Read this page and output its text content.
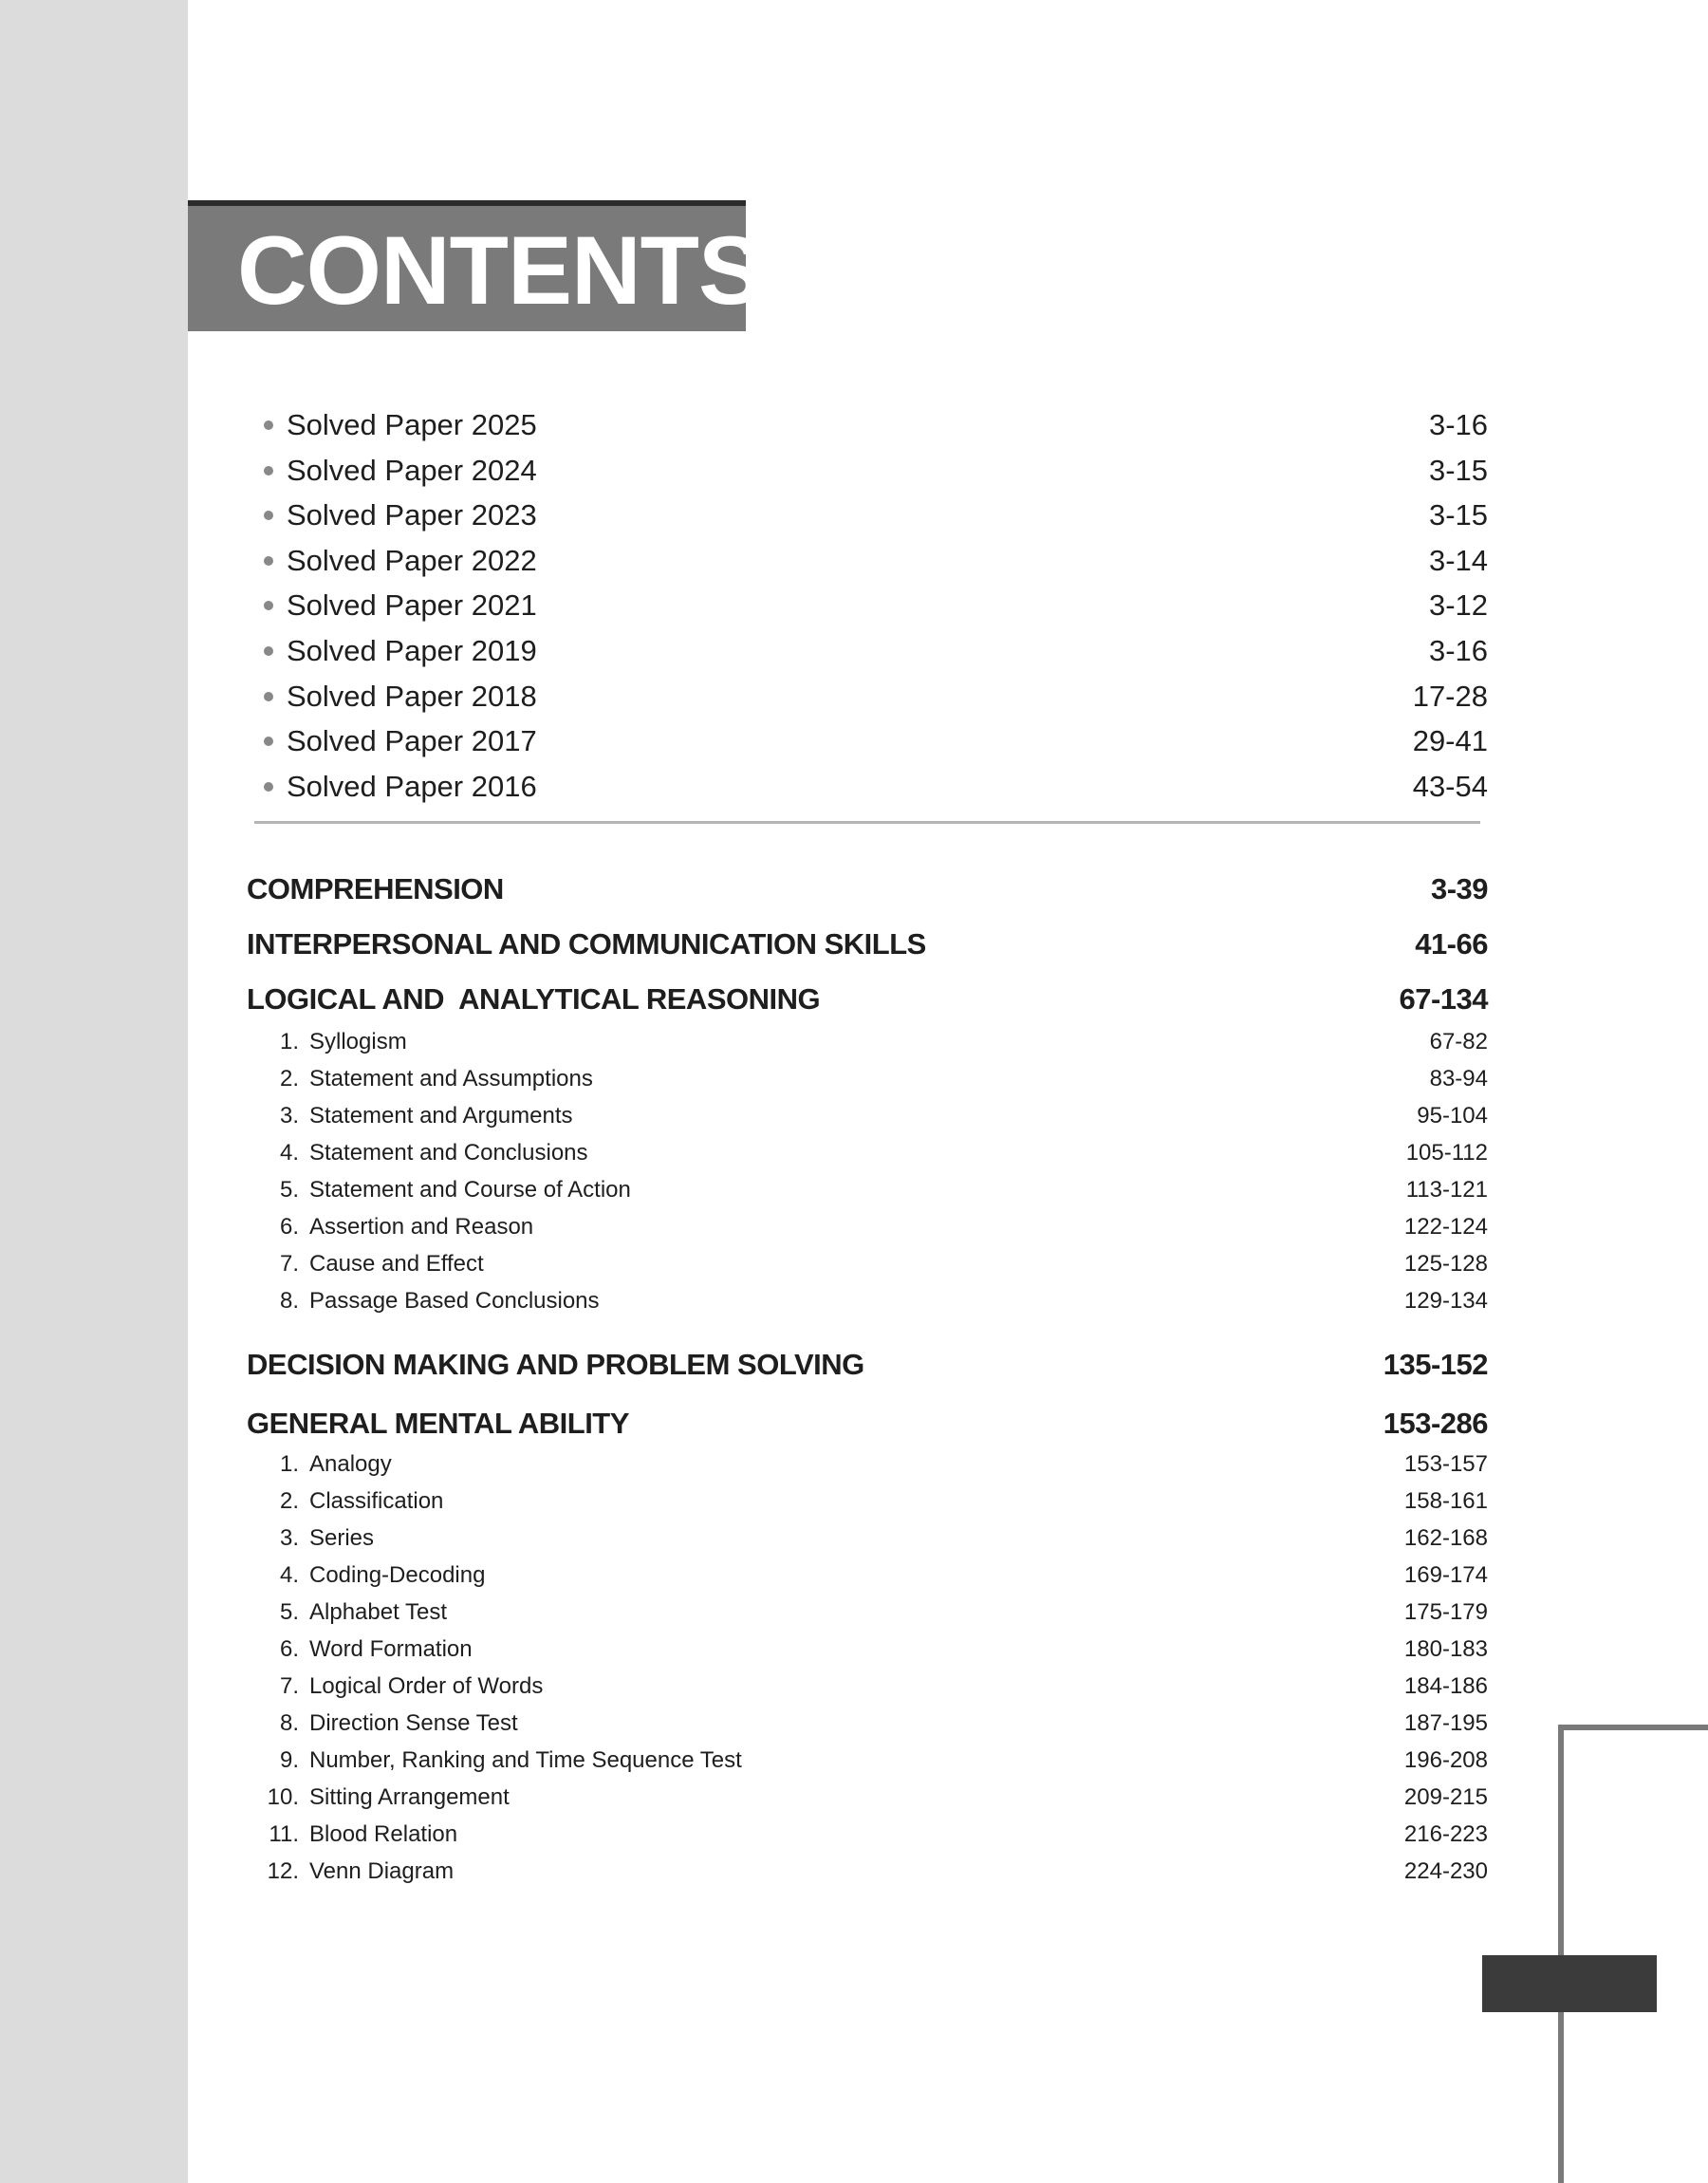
CONTENTS
Solved Paper 2025	3-16
Solved Paper 2024	3-15
Solved Paper 2023	3-15
Solved Paper 2022	3-14
Solved Paper 2021	3-12
Solved Paper 2019	3-16
Solved Paper 2018	17-28
Solved Paper 2017	29-41
Solved Paper 2016	43-54
COMPREHENSION	3-39
INTERPERSONAL AND COMMUNICATION SKILLS	41-66
LOGICAL AND  ANALYTICAL REASONING	67-134
1. Syllogism	67-82
2. Statement and Assumptions	83-94
3. Statement and Arguments	95-104
4. Statement and Conclusions	105-112
5. Statement and Course of Action	113-121
6. Assertion and Reason	122-124
7. Cause and Effect	125-128
8. Passage Based Conclusions	129-134
DECISION MAKING AND PROBLEM SOLVING	135-152
GENERAL MENTAL ABILITY	153-286
1. Analogy	153-157
2. Classification	158-161
3. Series	162-168
4. Coding-Decoding	169-174
5. Alphabet Test	175-179
6. Word Formation	180-183
7. Logical Order of Words	184-186
8. Direction Sense Test	187-195
9. Number, Ranking and Time Sequence Test	196-208
10. Sitting Arrangement	209-215
11. Blood Relation	216-223
12. Venn Diagram	224-230
